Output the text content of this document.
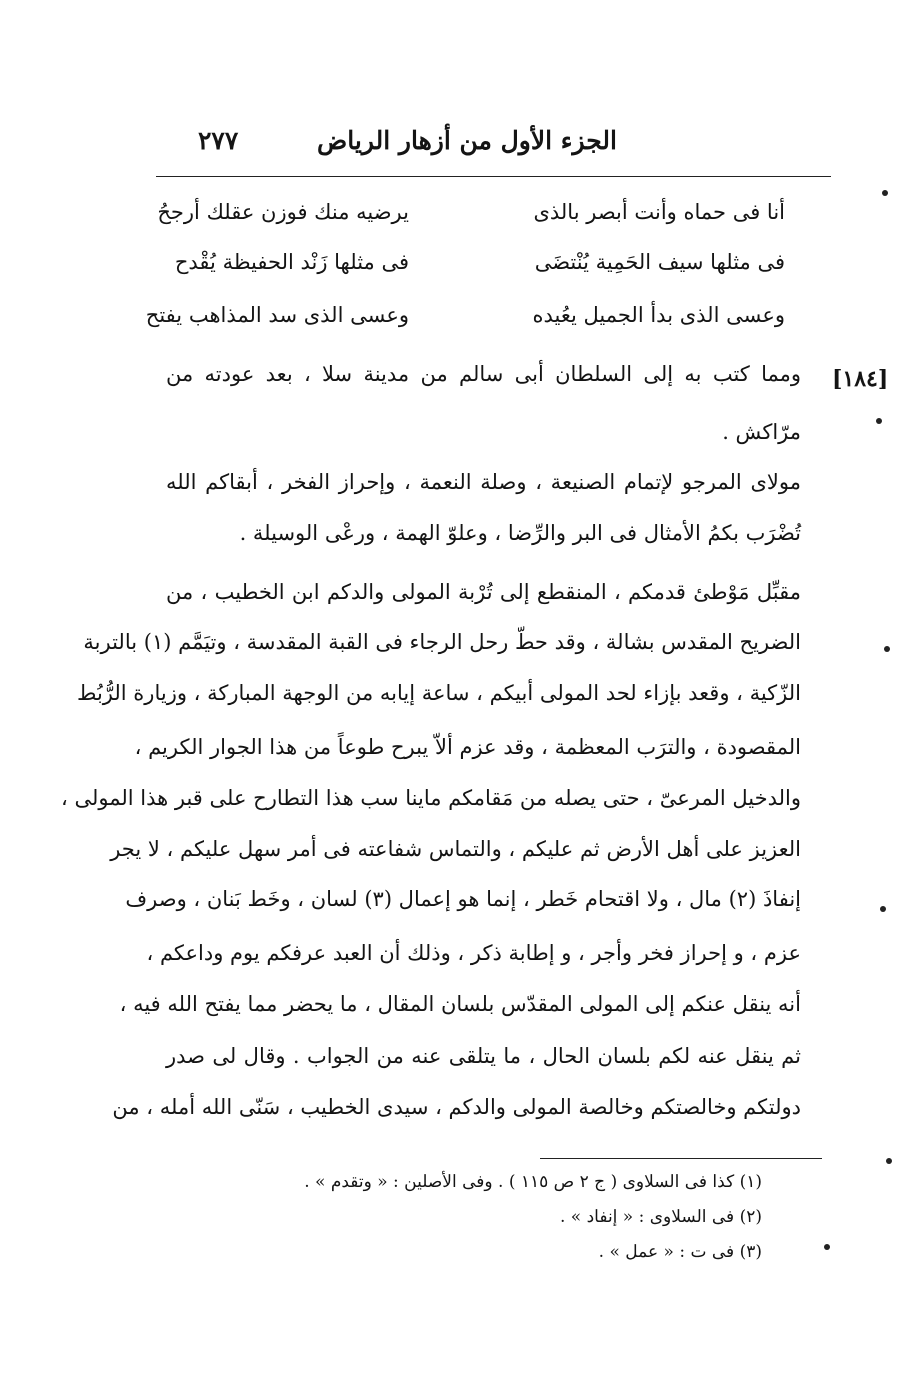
الجزء الأول من أزهار الرياض
٢٧٧
أنا فى حماه وأنت أبصر بالذى
يرضيه منك فوزن عقلك أرجحُ
فى مثلها سيف الحَمِية يُنْتضَى
فى مثلها زَنْد الحفيظة يُقْدح
وعسى الذى بدأ الجميل يعُيده
وعسى الذى سد المذاهب يفتح
[١٨٤]
ومما كتب به إلى السلطان أبى سالم من مدينة سلا ، بعد عودته من
مرّاكش .
مولاى المرجو لإتمام الصنيعة ، وصلة النعمة ، وإحراز الفخر ، أبقاكم الله
تُضْرَب بكمُ الأمثال فى البر والرِّضا ، وعلوّ الهمة ، ورعْى الوسيلة .
مقبِّل مَوْطئ قدمكم ، المنقطع إلى تُرْبة المولى والدكم ابن الخطيب ، من
الضريح المقدس بشالة ، وقد حطّ رحل الرجاء فى القبة المقدسة ، وتيَمَّم (١) بالتربة
الزّكية ، وقعد بإزاء لحد المولى أبيكم ، ساعة إيابه من الوجهة المباركة ، وزيارة الرُّبُط
المقصودة ، والترَب المعظمة ، وقد عزم ألاّ يبرح طوعاً من هذا الجوار الكريم ،
والدخيل المرعىّ ، حتى يصله من مَقامكم ماينا سب هذا التطارح على قبر هذا المولى ،
العزيز على أهل الأرض ثم عليكم ، والتماس شفاعته فى أمر سهل عليكم ، لا يجر
إنفاذَ (٢) مال ، ولا اقتحام خَطر ، إنما هو إعمال (٣) لسان ، وخَط بَنان ، وصرف
عزم ، و إحراز فخر وأجر ، و إطابة ذكر ، وذلك أن العبد عرفكم يوم وداعكم ،
أنه ينقل عنكم إلى المولى المقدّس بلسان المقال ، ما يحضر مما يفتح الله فيه ،
ثم ينقل عنه لكم بلسان الحال ، ما يتلقى عنه من الجواب . وقال لى صدر
دولتكم وخالصتكم وخالصة المولى والدكم ، سيدى الخطيب ، سَنّى الله أمله ، من
(١) كذا فى السلاوى ( ج ٢ ص ١١٥ ) . وفى الأصلين : « وتقدم » .
(٢) فى السلاوى : « إنفاد » .
(٣) فى ت : « عمل » .
